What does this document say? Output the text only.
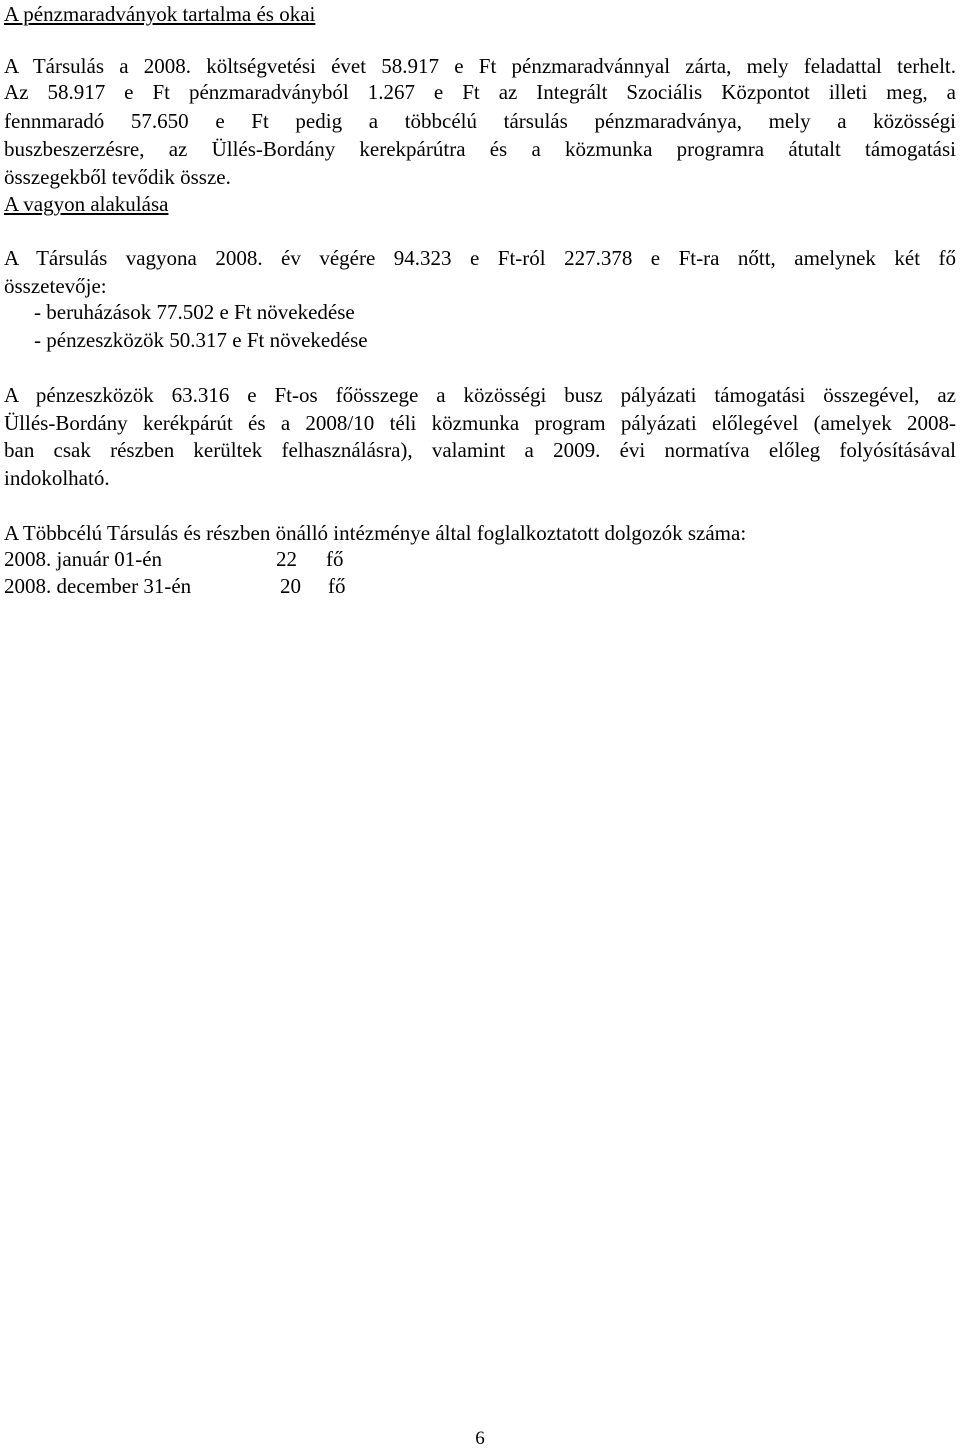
A pénzmaradványok tartalma és okai
A Társulás a 2008. költségvetési évet 58.917 e Ft pénzmaradvánnyal zárta, mely feladattal terhelt.
Az 58.917 e Ft pénzmaradványból 1.267 e Ft az Integrált Szociális Központot illeti meg, a
fennmaradó 57.650 e Ft pedig a többcélú társulás pénzmaradványa, mely a közösségi
buszbeszerzésre, az Üllés-Bordány kerekpárútra és a közmunka programra átutalt támogatási
összegekből tevődik össze.
A vagyon alakulása
A Társulás vagyona 2008. év végére 94.323 e Ft-ról 227.378 e Ft-ra nőtt, amelynek két fő
összetevője:
- beruházások 77.502 e Ft növekedése
- pénzeszközök 50.317 e Ft növekedése
A pénzeszközök 63.316 e Ft-os főösszege a közösségi busz pályázati támogatási összegével, az
Üllés-Bordány kerékpárút és a 2008/10 téli közmunka program pályázati előlegével (amelyek 2008-
ban csak részben kerültek felhasználásra), valamint a 2009. évi normatíva előleg folyósításával
indokolható.
A Többcélú Társulás és részben önálló intézménye által foglalkoztatott dolgozók száma:
2008. január 01-én	22 fő
2008. december 31-én	20 fő
6
